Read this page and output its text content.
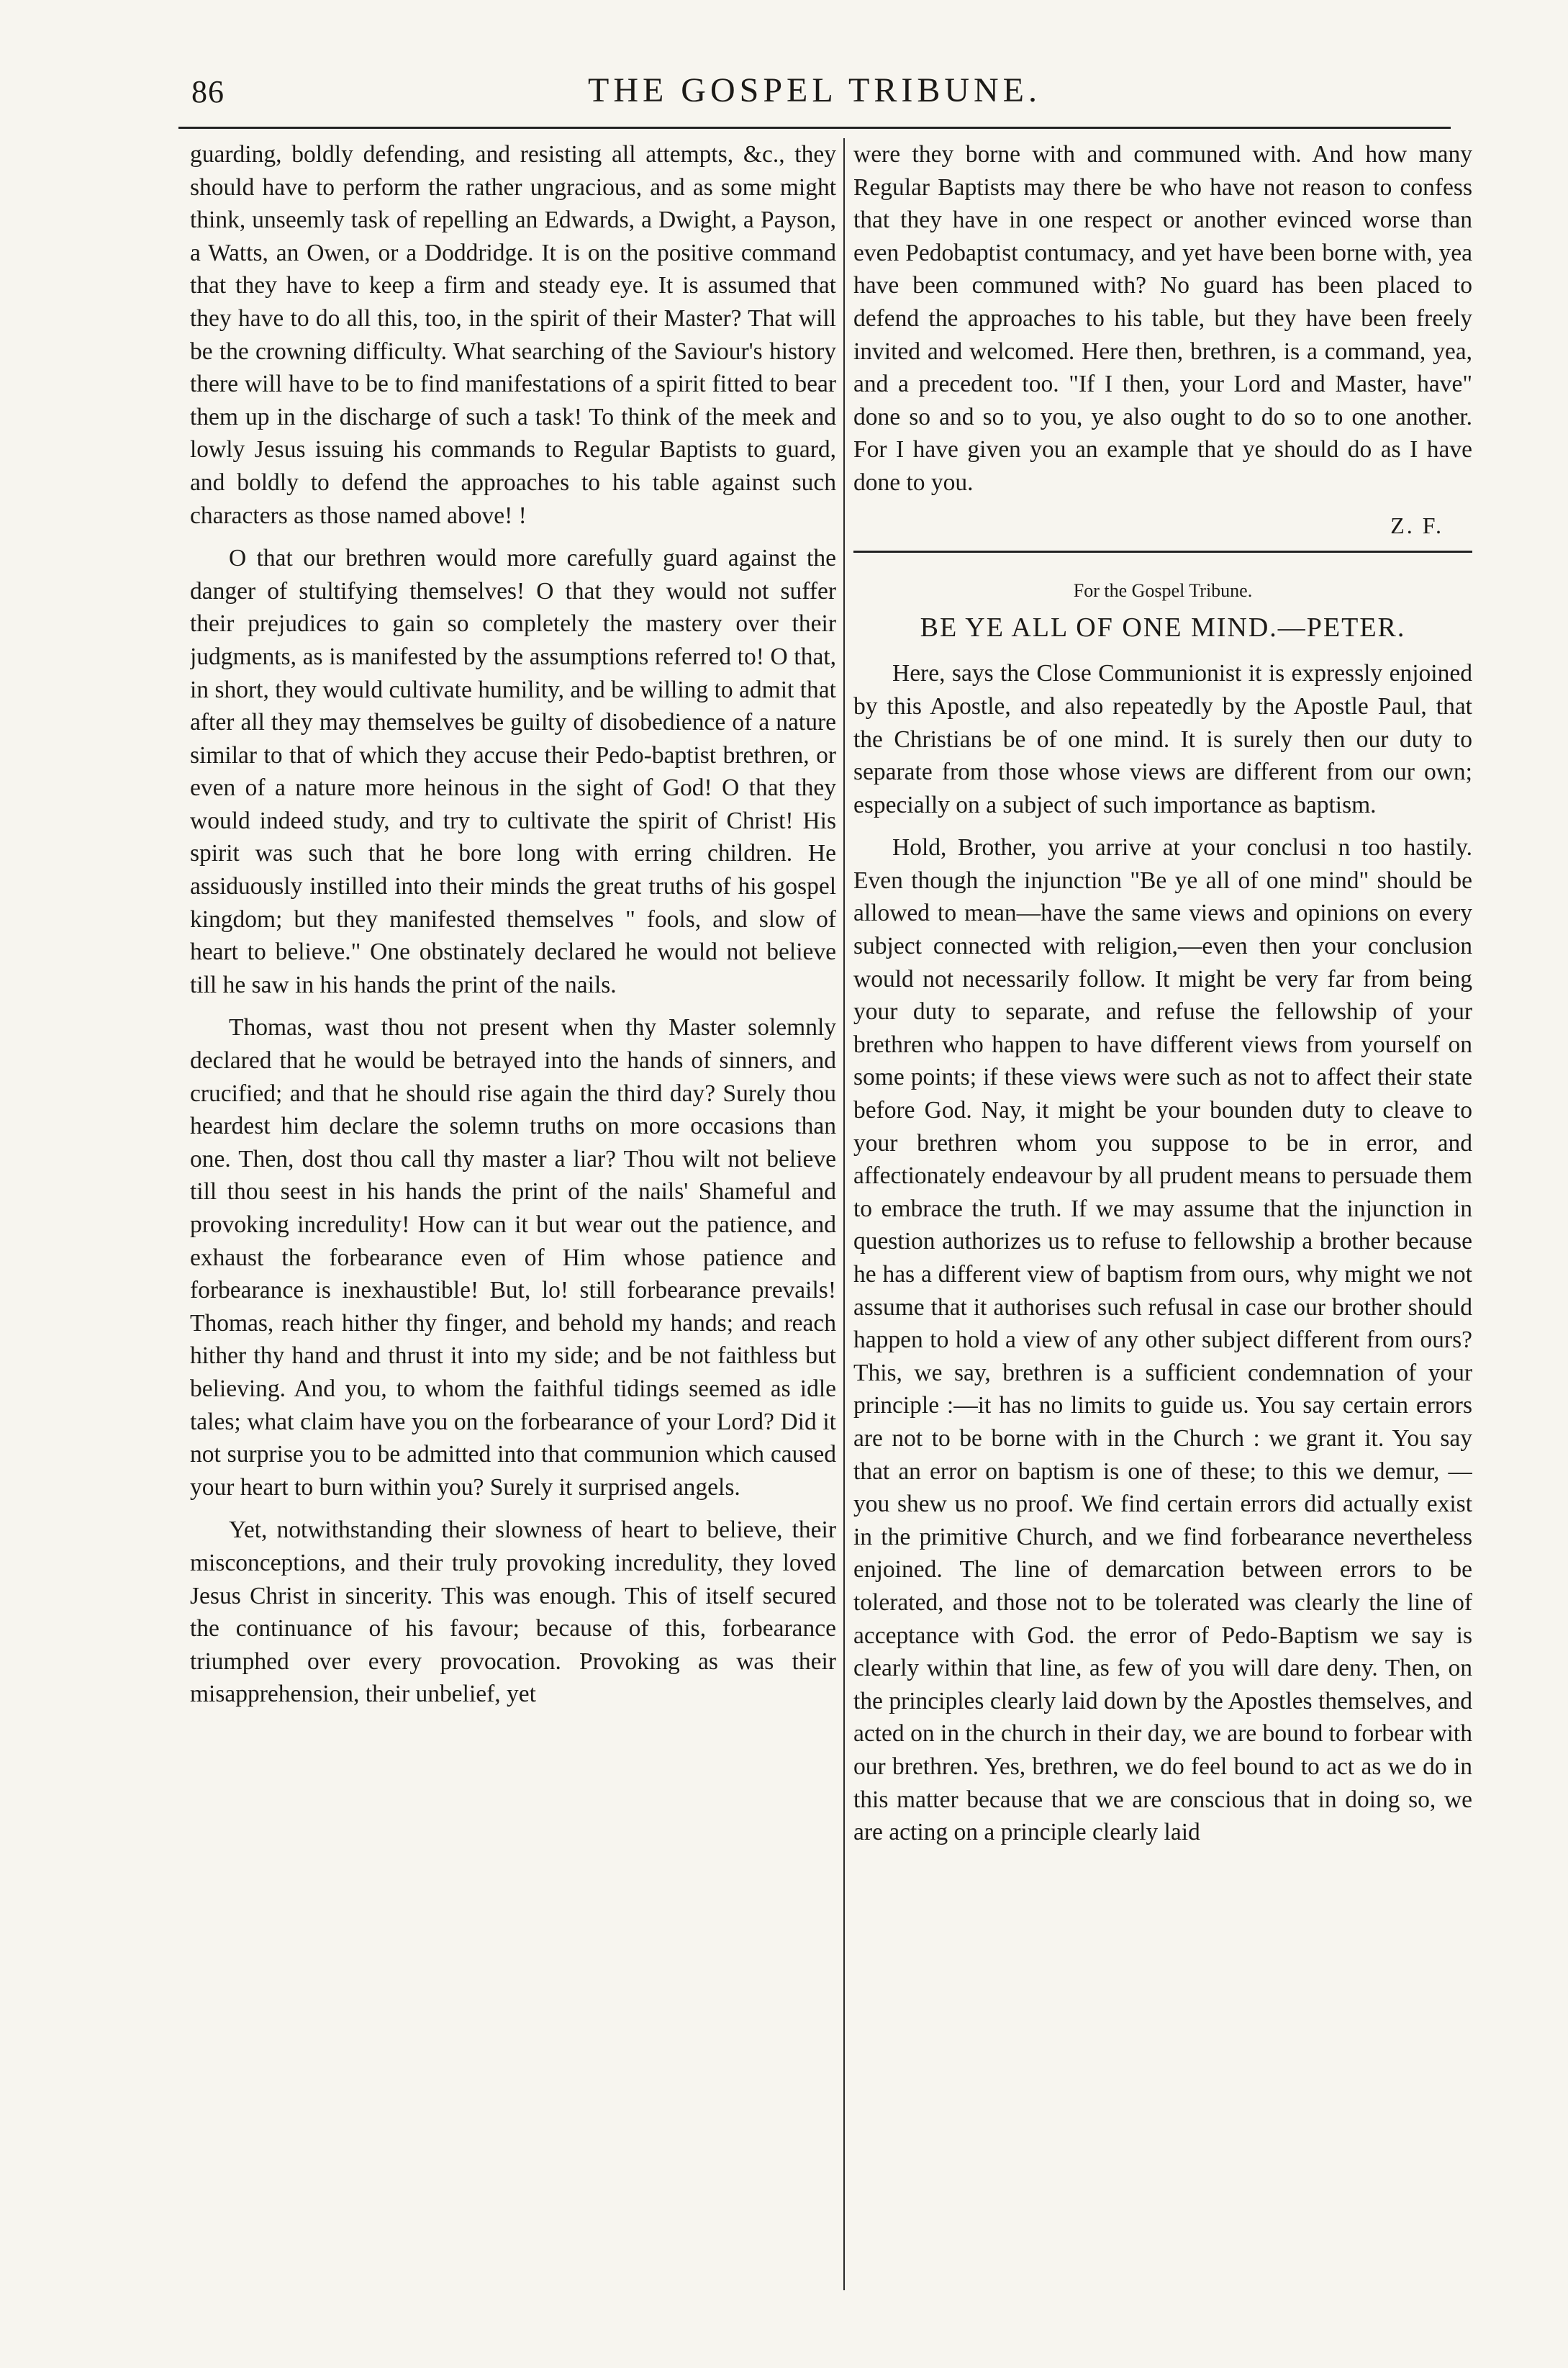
86	THE GOSPEL TRIBUNE.

guarding, boldly defending, and resisting all attempts, &c., they should have to perform the rather ungracious, and as some might think, unseemly task of repelling an Edwards, a Dwight, a Payson, a Watts, an Owen, or a Doddridge. It is on the positive command that they have to keep a firm and steady eye. It is assumed that they have to do all this, too, in the spirit of their Master? That will be the crowning difficulty. What searching of the Saviour's history there will have to be to find manifestations of a spirit fitted to bear them up in the discharge of such a task! To think of the meek and lowly Jesus issuing his commands to Regular Baptists to guard, and boldly to defend the approaches to his table against such characters as those named above! !

O that our brethren would more carefully guard against the danger of stultifying themselves! O that they would not suffer their prejudices to gain so completely the mastery over their judgments, as is manifested by the assumptions referred to! O that, in short, they would cultivate humility, and be willing to admit that after all they may themselves be guilty of disobedience of a nature similar to that of which they accuse their Pedo-baptist brethren, or even of a nature more heinous in the sight of God! O that they would indeed study, and try to cultivate the spirit of Christ! His spirit was such that he bore long with erring children. He assiduously instilled into their minds the great truths of his gospel kingdom; but they manifested themselves " fools, and slow of heart to believe." One obstinately declared he would not believe till he saw in his hands the print of the nails.

Thomas, wast thou not present when thy Master solemnly declared that he would be betrayed into the hands of sinners, and crucified; and that he should rise again the third day? Surely thou heardest him declare the solemn truths on more occasions than one. Then, dost thou call thy master a liar? Thou wilt not believe till thou seest in his hands the print of the nails' Shameful and provoking incredulity! How can it but wear out the patience, and exhaust the forbearance even of Him whose patience and forbearance is inexhaustible! But, lo! still forbearance prevails! Thomas, reach hither thy finger, and behold my hands; and reach hither thy hand and thrust it into my side; and be not faithless but believing. And you, to whom the faithful tidings seemed as idle tales; what claim have you on the forbearance of your Lord? Did it not surprise you to be admitted into that communion which caused your heart to burn within you? Surely it surprised angels.

Yet, notwithstanding their slowness of heart to believe, their misconceptions, and their truly provoking incredulity, they loved Jesus Christ in sincerity. This was enough. This of itself secured the continuance of his favour; because of this, forbearance triumphed over every provocation. Provoking as was their misapprehension, their unbelief, yet

were they borne with and communed with. And how many Regular Baptists may there be who have not reason to confess that they have in one respect or another evinced worse than even Pedobaptist contumacy, and yet have been borne with, yea have been communed with? No guard has been placed to defend the approaches to his table, but they have been freely invited and welcomed. Here then, brethren, is a command, yea, and a precedent too. "If I then, your Lord and Master, have" done so and so to you, ye also ought to do so to one another. For I have given you an example that ye should do as I have done to you.

Z. F.
For the Gospel Tribune.
BE YE ALL OF ONE MIND.—PETER.

Here, says the Close Communionist it is expressly enjoined by this Apostle, and also repeatedly by the Apostle Paul, that the Christians be of one mind. It is surely then our duty to separate from those whose views are different from our own; especially on a subject of such importance as baptism.

Hold, Brother, you arrive at your conclusi n too hastily. Even though the injunction "Be ye all of one mind" should be allowed to mean—have the same views and opinions on every subject connected with religion,—even then your conclusion would not necessarily follow. It might be very far from being your duty to separate, and refuse the fellowship of your brethren who happen to have different views from yourself on some points; if these views were such as not to affect their state before God. Nay, it might be your bounden duty to cleave to your brethren whom you suppose to be in error, and affectionately endeavour by all prudent means to persuade them to embrace the truth. If we may assume that the injunction in question authorizes us to refuse to fellowship a brother because he has a different view of baptism from ours, why might we not assume that it authorises such refusal in case our brother should happen to hold a view of any other subject different from ours? This, we say, brethren is a sufficient condemnation of your principle :—it has no limits to guide us. You say certain errors are not to be borne with in the Church : we grant it. You say that an error on baptism is one of these; to this we demur, —you shew us no proof. We find certain errors did actually exist in the primitive Church, and we find forbearance nevertheless enjoined. The line of demarcation between errors to be tolerated, and those not to be tolerated was clearly the line of acceptance with God. the error of Pedo-Baptism we say is clearly within that line, as few of you will dare deny. Then, on the principles clearly laid down by the Apostles themselves, and acted on in the church in their day, we are bound to forbear with our brethren. Yes, brethren, we do feel bound to act as we do in this matter because that we are conscious that in doing so, we are acting on a principle clearly laid
